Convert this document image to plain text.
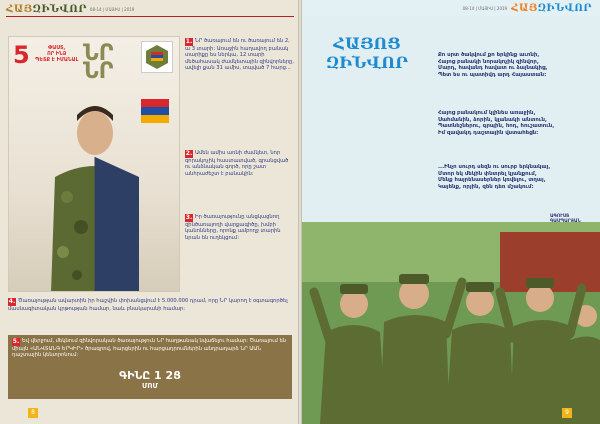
ՀԱՅԶԻՆՎՈՐ 08-14 | ՄԱՅԻՍ | 2019
5	ՓԱՍՏ,
ՈՐ ԻՆՁ
ՊԵՏՔ Է ԻՄԱՆԱԼ ՆՐ
ՆՐ
1. ՆՐ ծառայում են ու ծառայում են 2, ա 3 տարի: Առաջին հաղավող բանակ տարիքը ես ներկա, 12 տարի մեծահասակ ժամկետային զինվորները, ավելի քան 31 ամիս, տպված 7 հարց...
2. Ամեն ամիս առնի ժամկետ, նոր զորակոչիկ հաստատված, գրանցված ու անձնական գործ, որը շատ անհրաժեշտ է բանակին:
3. Իր ծառայությունը անցկացնող զինծառայողի վարքագիծը, խմբի կանոնները, որոնք ամբողջ տարին նրան են ուղեկցում:
4. Ծառայության ավարտին իր հաշվին փոխանցվում է 5.000.000 դրամ, որը ՆՐ կարող է օգտագործել մասնագիտական կրթության համար, նաև բնակարանի համար:
5. Եվ վերջում, մեկնում զինվորական ծառայություն ՆՐ հաղթանակ նվաճելու համար: Ծառայում են միայն «ԱՆՎՏԱՆԳ ԵՐԿԻՐ» ծրագրով, հարցերին ու հարցադրումներին անդրադարձ ՆՐ ԱԱՆ դաշտային կենտրոնում:
ԳԻՆԸ 1 2Ց
ՄՈՄ
8
08-14 | ՄԱՅԻՍ | 2019 ՀԱՅԶԻՆՎՈՐ
ՀԱՅՈՑ
ԶԻՆՎՈՐ	Քո սրտ ծակվում քո երկինք աւոնի,
Հայոց բանակի նորակոչիկ զինվոր,
Մարդ, հավանդ հավատ ու ձայնակից,
Պետ ես ու պատիվդ արդ Հայաստան:
Հայոց բանակում կլինես առաջին,
Սահմանին, ձորին, կլանակի անտուն,
Պատնեշներու, գրպին, հոդ, հուշատուն,
Իմ զավակդ դաշտային վստահեցն:
...Ինչո սուրդ սեզն ու սուրբ երկնակայ,
Մտոր եկ մեկին փնտրել կյանքում,
Մենք հայրենասերներ կռվելու, տղայ,
Կայենք, որյին, զեն դեռ մշակում:
ԱԳՈՒՍՏ
9
